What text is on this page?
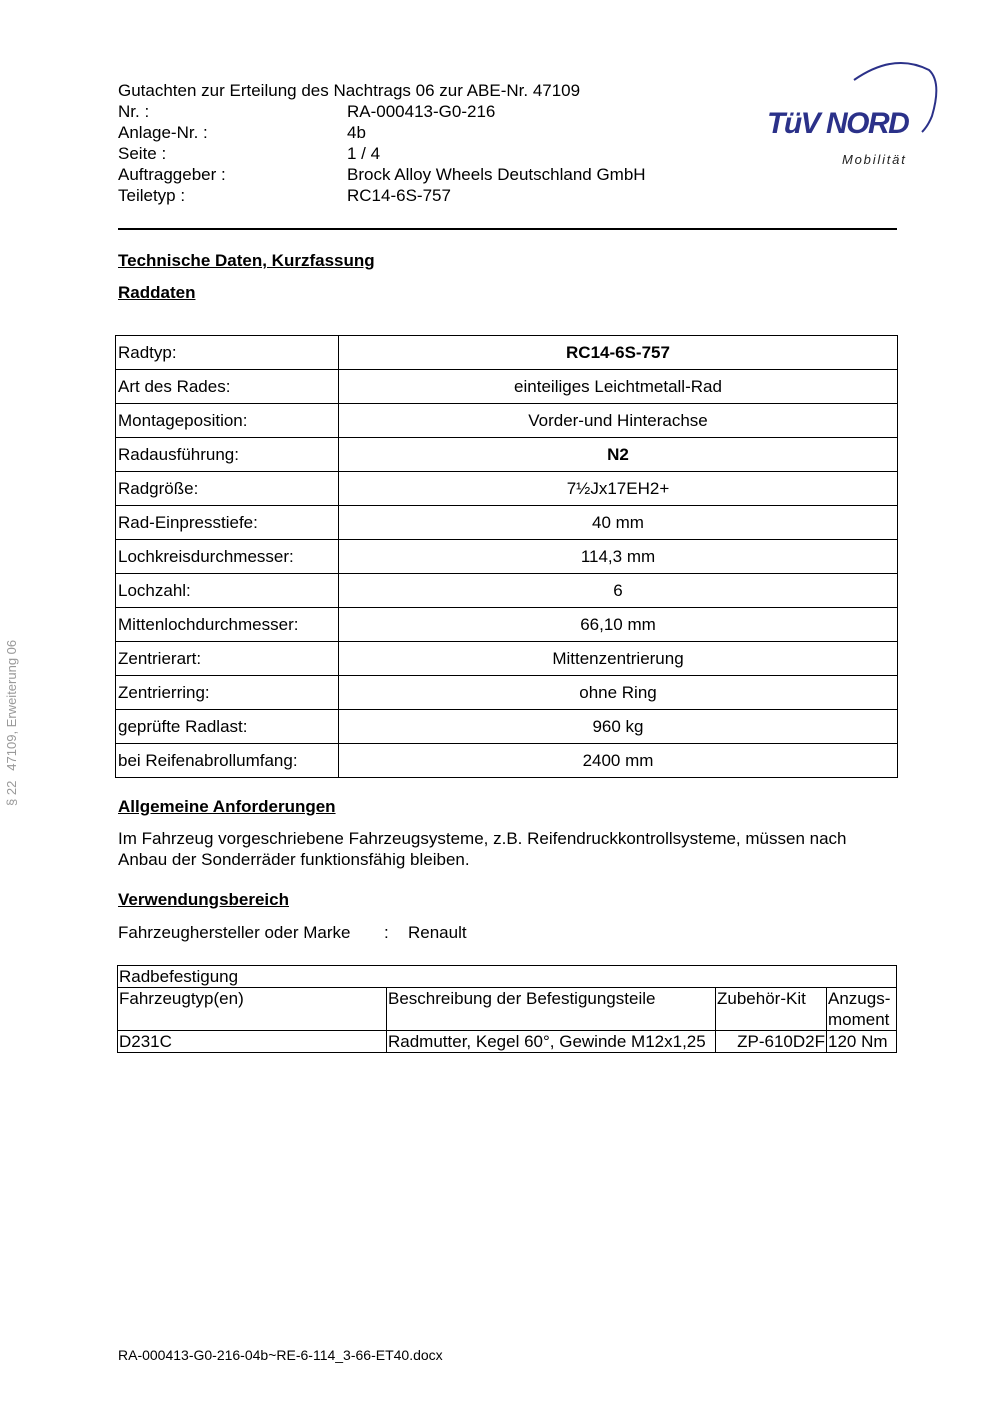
Gutachten zur Erteilung des Nachtrags 06 zur ABE-Nr. 47109
Nr. :	RA-000413-G0-216
Anlage-Nr. :	4b
Seite :	1 / 4
Auftraggeber :	Brock Alloy Wheels Deutschland GmbH
Teiletyp :	RC14-6S-757
TüV NORD
Mobilität
Technische Daten, Kurzfassung
Raddaten
Radtyp:	RC14-6S-757
Art des Rades:	einteiliges Leichtmetall-Rad
Montageposition:	Vorder-und Hinterachse
Radausführung:	N2
Radgröße:	7½Jx17EH2+
Rad-Einpresstiefe:	40 mm
Lochkreisdurchmesser:	114,3 mm
Lochzahl:	6
Mittenlochdurchmesser:	66,10 mm
Zentrierart:	Mittenzentrierung
Zentrierring:	ohne Ring
geprüfte Radlast:	960 kg
bei Reifenabrollumfang:	2400 mm
Allgemeine Anforderungen
Im Fahrzeug vorgeschriebene Fahrzeugsysteme, z.B. Reifendruckkontrollsysteme, müssen nach Anbau der Sonderräder funktionsfähig bleiben.
Verwendungsbereich
Fahrzeughersteller oder Marke	:	Renault
Radbefestigung			
Fahrzeugtyp(en)	Beschreibung der Befestigungsteile	Zubehör-Kit	Anzugs-moment
D231C	Radmutter, Kegel 60°, Gewinde M12x1,25	ZP-610D2F	120 Nm
§ 2247109, Erweiterung 06
RA-000413-G0-216-04b~RE-6-114_3-66-ET40.docx
